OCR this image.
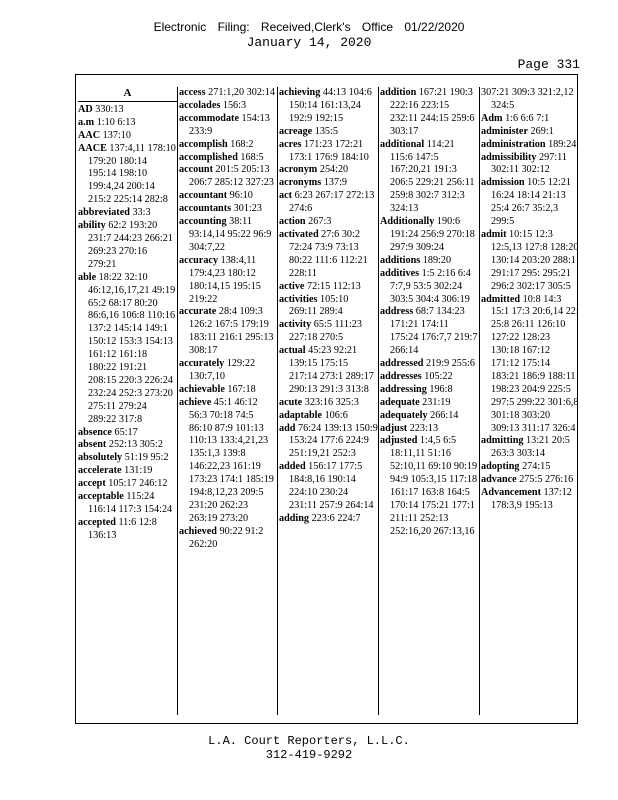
Electronic Filing: Received,Clerk's Office 01/22/2020
January 14, 2020
Page 331
A

AD 330:13

a.m 1:10 6:13

AAC 137:10

AACE 137:4,11 178:10 179:20 180:14 195:14 198:10 199:4,24 200:14 215:2 225:14 282:8

abbreviated 33:3

ability 62:2 193:20 231:7 244:23 266:21 269:23 270:16 279:21

able 18:22 32:10 46:12,16,17,21 49:19 65:2 68:17 80:20 86:6,16 106:8 110:16 137:2 145:14 149:1 150:12 153:3 154:13 161:12 161:18 180:22 191:21 208:15 220:3 226:24 232:24 252:3 273:20 275:11 279:24 289:22 317:8

absence 65:17

absent 252:13 305:2

absolutely 51:19 95:2

accelerate 131:19

accept 105:17 246:12

acceptable 115:24 116:14 117:3 154:24

accepted 11:6 12:8 136:13

access 271:1,20 302:14

accolades 156:3

accommodate 154:13 233:9

accomplish 168:2

accomplished 168:5

account 201:5 205:13 206:7 285:12 327:23

accountant 96:10

accountants 301:23

accounting 38:11 93:14,14 95:22 96:9 304:7,22

accuracy 138:4,11 179:4,23 180:12 180:14,15 195:15 219:22

accurate 28:4 109:3 126:2 167:5 179:19 183:11 216:1 295:13 308:17

accurately 129:22 130:7,10

achievable 167:18

achieve 45:1 46:12 56:3 70:18 74:5 86:10 87:9 101:13 110:13 133:4,21,23 135:1,3 139:8 146:22,23 161:19 173:23 174:1 185:19 194:8,12,23 209:5 231:20 262:23 263:19 273:20

achieved 90:22 91:2 262:20

achieving 44:13 104:6 150:14 161:13,24 192:9 192:15

acreage 135:5

acres 171:23 172:21 173:1 176:9 184:10

acronym 254:20

acronyms 137:9

act 6:23 267:17 272:13 274:6

action 267:3

activated 27:6 30:2 72:24 73:9 73:13 80:22 111:6 112:21 228:11

active 72:15 112:13

activities 105:10 269:11 289:4

activity 65:5 111:23 227:18 270:5

actual 45:23 92:21 139:15 175:15 217:14 273:1 289:17 290:13 291:3 313:8

acute 323:16 325:3

adaptable 106:6

add 76:24 139:13 150:9 153:24 177:6 224:9 251:19,21 252:3

added 156:17 177:5 184:8,16 190:14 224:10 230:24 231:11 257:9 264:14

adding 223:6 224:7

addition 167:21 190:3 222:16 223:15 232:11 244:15 259:6 303:17

additional 114:21 115:6 147:5 167:20,21 191:3 206:5 229:21 256:11 259:8 302:7 312:3 324:13

Additionally 190:6 191:24 256:9 270:18 297:9 309:24

additions 189:20

additives 1:5 2:16 6:4 7:7,9 53:5 302:24 303:5 304:4 306:19

address 68:7 134:23 171:21 174:11 175:24 176:7,7 219:7 266:14

addressed 219:9 255:6

addresses 105:22

addressing 196:8

adequate 231:19

adequately 266:14

adjust 223:13

adjusted 1:4,5 6:5 18:11,11 51:16 52:10,11 69:10 90:19 94:9 105:3,15 117:18 161:17 163:8 164:5 170:14 175:21 177:1 211:11 252:13 252:16,20 267:13,16

307:21 309:3 321:2,12 324:5

Adm 1:6 6:6 7:1

administer 269:1

administration 189:24

admissibility 297:11 302:11 302:12

admission 10:5 12:21 16:24 18:14 21:13 25:4 26:7 35:2,3 299:5

admit 10:15 12:3 12:5,13 127:8 128:20 130:14 203:20 288:1 291:17 295: 295:21 296:2 302:17 305:5

admitted 10:8 14:3 15:1 17:3 20:6,14 22: 25:8 26:11 126:10 127:22 128:23 130:18 167:12 171:12 175:14 183:21 186:9 188:11 198:23 204:9 225:5 297:5 299:22 301:6,8 301:18 303:20 309:13 311:17 326:4

admitting 13:21 20:5 263:3 303:14

adopting 274:15

advance 275:5 276:16

Advancement 137:12 178:3,9 195:13

L.A. Court Reporters, L.L.C.
312-419-9292
